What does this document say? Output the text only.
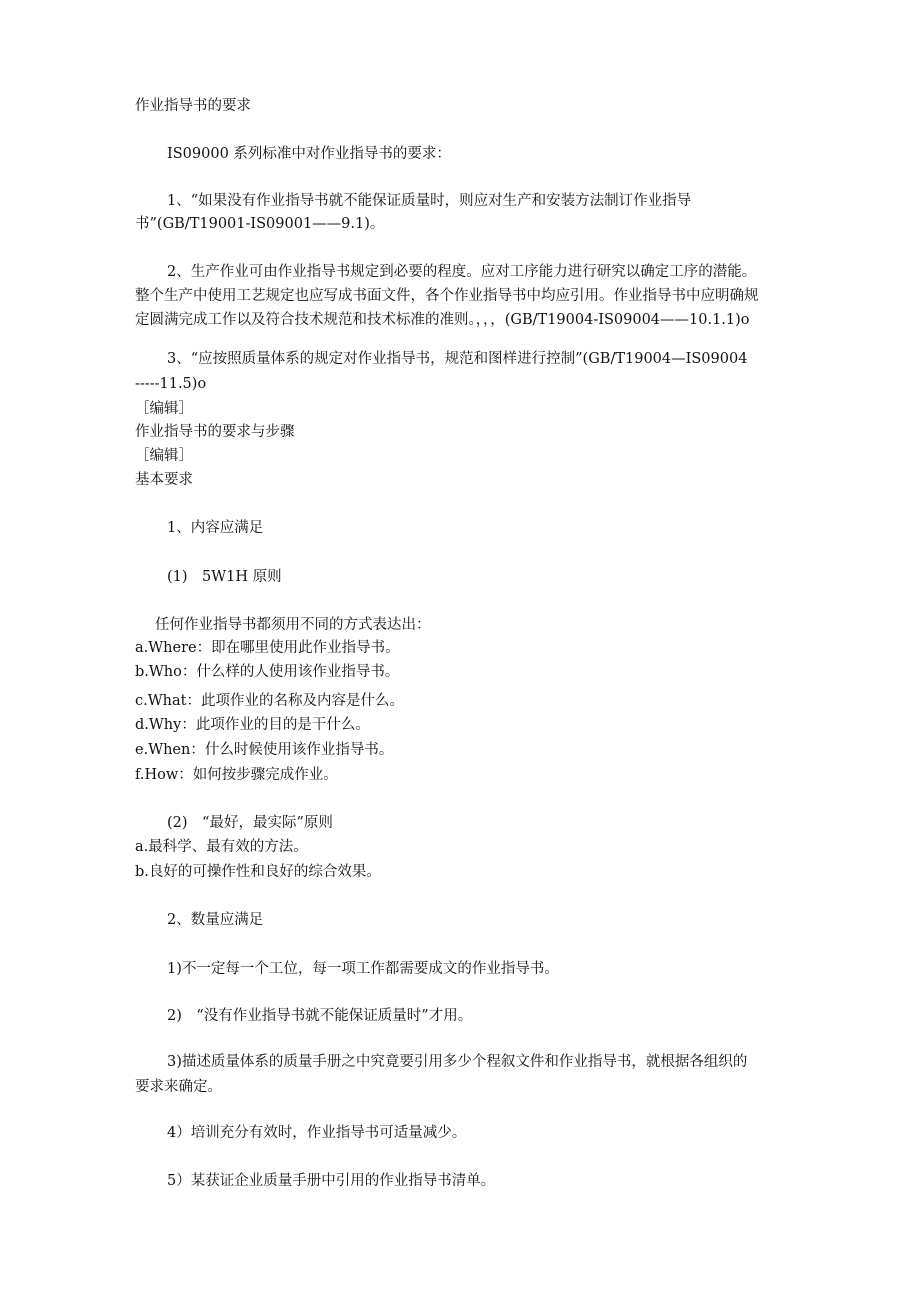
作业指导书的要求
IS09000 系列标准中对作业指导书的要求：
1、“如果没有作业指导书就不能保证质量时，则应对生产和安装方法制订作业指导
书”(GB/T19001-IS09001——9.1)。
2、生产作业可由作业指导书规定到必要的程度。应对工序能力进行研究以确定工序的潜能。
整个生产中使用工艺规定也应写成书面文件，各个作业指导书中均应引用。作业指导书中应明确规
定圆满完成工作以及符合技术规范和技术标准的准则。，，，(GB/T19004-IS09004——10.1.1)o
3、“应按照质量体系的规定对作业指导书，规范和图样进行控制”(GB/T19004—IS09004
-----11.5)o
［编辑］
作业指导书的要求与步骤
［编辑］
基本要求
1、内容应满足
(1)　5W1H 原则
任何作业指导书都须用不同的方式表达出：
a.Where：即在哪里使用此作业指导书。
b.Who：什么样的人使用该作业指导书。
c.What：此项作业的名称及内容是什么。
d.Why：此项作业的目的是干什么。
e.When：什么时候使用该作业指导书。
f.How：如何按步骤完成作业。
(2)　“最好，最实际”原则
a.最科学、最有效的方法。
b.良好的可操作性和良好的综合效果。
2、数量应满足
1)不一定每一个工位，每一项工作都需要成文的作业指导书。
2)　“没有作业指导书就不能保证质量时”才用。
3)描述质量体系的质量手册之中究竟要引用多少个程叙文件和作业指导书，就根据各组织的
要求来确定。
4）培训充分有效时，作业指导书可适量减少。
5）某获证企业质量手册中引用的作业指导书清单。
